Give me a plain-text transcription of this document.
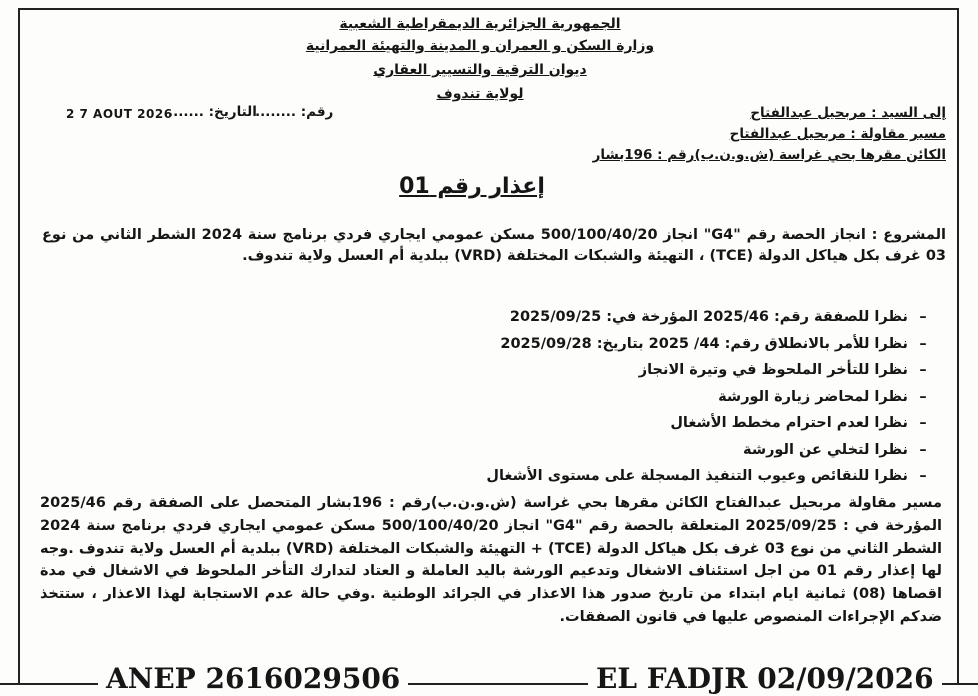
الجمهورية الجزائرية الديمقراطية الشعبية
وزارة السكن و العمران و المدينة والتهيئة العمرانية
ديوان الترقية والتسيير العقاري
لولاية تندوف
2 7 AOUT 2026
التاريخ: .......
رقم: ........	إلى السيد : مربحيل عبدالفتاح
مسير مقاولة : مربحيل عبدالفتاح
الكائن مقرها بحي غراسة (ش.و.ن.ب)رقم : 196بشار
إعذار رقم 01
المشروع : انجاز الحصة رقم "G4" انجاز 500/100/40/20 مسكن عمومي ايجاري فردي برنامج سنة 2024 الشطر الثاني من نوع 03 غرف بكل هياكل الدولة (TCE) ، التهيئة والشبكات المختلفة (VRD) ببلدية أم العسل ولاية تندوف.
–نظرا للصفقة رقم: 2025/46 المؤرخة في: 2025/09/25
–نظرا للأمر بالانطلاق رقم: 44/ 2025 بتاريخ: 2025/09/28
–نظرا للتأخر الملحوظ في وتيرة الانجاز
–نظرا لمحاضر زيارة الورشة
–نظرا لعدم احترام مخطط الأشغال
–نظرا لتخلي عن الورشة
–نظرا للنقائص وعيوب التنفيذ المسجلة على مستوى الأشغال
مسير مقاولة مربحيل عبدالفتاح الكائن مقرها بحي غراسة (ش.و.ن.ب)رقم : 196بشار المتحصل على الصفقة رقم 2025/46 المؤرخة في : 2025/09/25 المتعلقة بالحصة رقم "G4" انجاز 500/100/40/20 مسكن عمومي ايجاري فردي برنامج سنة 2024 الشطر الثاني من نوع 03 غرف بكل هياكل الدولة (TCE) + التهيئة والشبكات المختلفة (VRD) ببلدية أم العسل ولاية تندوف .وجه لها إعذار رقم 01 من اجل استئناف الاشغال وتدعيم الورشة باليد العاملة و العتاد لتدارك التأخر الملحوظ في الاشغال في مدة اقصاها (08) ثمانية ايام ابتداء من تاريخ صدور هذا الاعذار في الجرائد الوطنية .وفي حالة عدم الاستجابة لهذا الاعذار ، ستتخذ ضدكم الإجراءات المنصوص عليها في قانون الصفقات.
ANEP 2616029506	EL FADJR 02/09/2026
